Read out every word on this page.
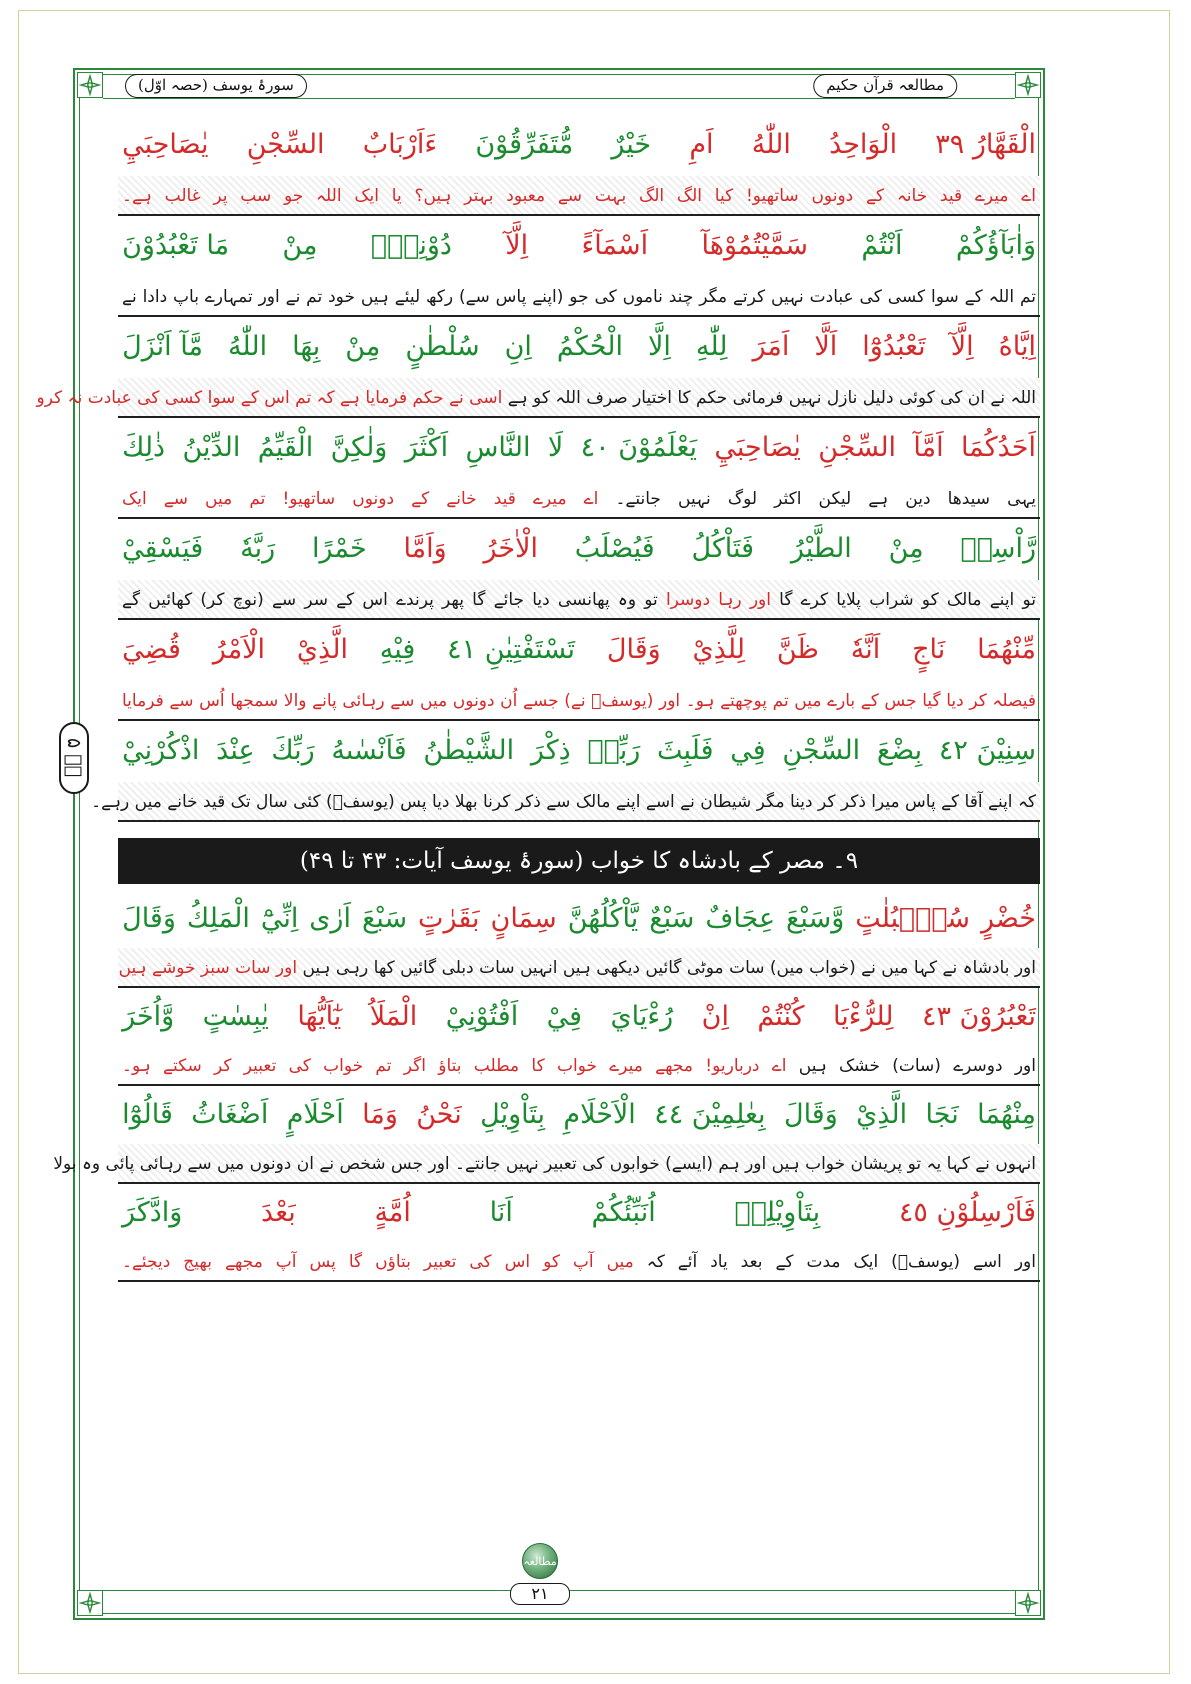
مطالعہ قرآن حکیم
سورۂ یوسف (حصہ اوّل)
يٰصَاحِبَيِ السِّجْنِ ءَاَرْبَابٌ مُّتَفَرِّقُوْنَ خَيْرٌ اَمِ اللّٰهُ الْوَاحِدُ الْقَهَّارُ ٣٩
اے میرے قید خانہ کے دونوں ساتھیو! کیا الگ الگ بہت سے معبود بہتر ہیں؟ یا ایک اللہ جو سب پر غالب ہے۔
مَا تَعْبُدُوْنَ مِنْ دُوْنِهٖٓ اِلَّآ اَسْمَآءً سَمَّيْتُمُوْهَآ اَنْتُمْ وَاٰبَآؤُكُمْ
تم اللہ کے سوا کسی کی عبادت نہیں کرتے مگر چند ناموں کی جو (اپنے پاس سے) رکھ لیئے ہیں خود تم نے اور تمہارے باپ دادا نے
مَّآ اَنْزَلَ اللّٰهُ بِهَا مِنْ سُلْطٰنٍ اِنِ الْحُكْمُ اِلَّا لِلّٰهِ اَمَرَ اَلَّا تَعْبُدُوْٓا اِلَّآ اِيَّاهُ
اللہ نے ان کی کوئی دلیل نازل نہیں فرمائی حکم کا اختیار صرف اللہ کو ہے اسی نے حکم فرمایا ہے کہ تم اس کے سوا کسی کی عبادت نہ کرو
ذٰلِكَ الدِّيْنُ الْقَيِّمُ وَلٰكِنَّ اَكْثَرَ النَّاسِ لَا يَعْلَمُوْنَ ٤٠ يٰصَاحِبَيِ السِّجْنِ اَمَّآ اَحَدُكُمَا
یہی سیدھا دین ہے لیکن اکثر لوگ نہیں جانتے۔ اے میرے قید خانے کے دونوں ساتھیو! تم میں سے ایک
فَيَسْقِيْ رَبَّهٗ خَمْرًا وَاَمَّا الْاٰخَرُ فَيُصْلَبُ فَتَاْكُلُ الطَّيْرُ مِنْ رَّاْسِهٖ
تو اپنے مالک کو شراب پلایا کرے گا اور رہا دوسرا تو وہ پھانسی دیا جائے گا پھر پرندے اس کے سر سے (نوچ کر) کھائیں گے
قُضِيَ الْاَمْرُ الَّذِيْ فِيْهِ تَسْتَفْتِيٰنِ ٤١ وَقَالَ لِلَّذِيْ ظَنَّ اَنَّهٗ نَاجٍ مِّنْهُمَا
فیصلہ کر دیا گیا جس کے بارے میں تم پوچھتے ہو۔ اور (یوسفؑ نے) جسے اُن دونوں میں سے رہائی پانے والا سمجھا اُس سے فرمایا
اذْكُرْنِيْ عِنْدَ رَبِّكَ فَاَنْسٰىهُ الشَّيْطٰنُ ذِكْرَ رَبِّهٖ فَلَبِثَ فِي السِّجْنِ بِضْعَ سِنِيْنَ ٤٢
کہ اپنے آقا کے پاس میرا ذکر کر دینا مگر شیطان نے اسے اپنے مالک سے ذکر کرنا بھلا دیا پس (یوسفؑ) کئی سال تک قید خانے میں رہے۔
۹۔ مصر کے بادشاہ کا خواب (سورۂ یوسف آیات: ۴۳ تا ۴۹)
وَقَالَ الْمَلِكُ اِنِّيْٓ اَرٰى سَبْعَ بَقَرٰتٍ سِمَانٍ يَّاْكُلُهُنَّ سَبْعٌ عِجَافٌ وَّسَبْعَ سُنْۢبُلٰتٍ خُضْرٍ
اور بادشاہ نے کہا میں نے (خواب میں) سات موٹی گائیں دیکھی ہیں انہیں سات دبلی گائیں کھا رہی ہیں اور سات سبز خوشے ہیں
وَّاُخَرَ يٰبِسٰتٍ يٰٓاَيُّهَا الْمَلَاُ اَفْتُوْنِيْ فِيْ رُءْيَايَ اِنْ كُنْتُمْ لِلرُّءْيَا تَعْبُرُوْنَ ٤٣
اور دوسرے (سات) خشک ہیں اے درباریو! مجھے میرے خواب کا مطلب بتاؤ اگر تم خواب کی تعبیر کر سکتے ہو۔
قَالُوْٓا اَضْغَاثُ اَحْلَامٍ وَمَا نَحْنُ بِتَاْوِيْلِ الْاَحْلَامِ بِعٰلِمِيْنَ ٤٤ وَقَالَ الَّذِيْ نَجَا مِنْهُمَا
انہوں نے کہا یہ تو پریشان خواب ہیں اور ہم (ایسے) خوابوں کی تعبیر نہیں جانتے۔ اور جس شخص نے ان دونوں میں سے رہائی پائی وہ بولا
وَادَّكَرَ	بَعْدَ	اُمَّةٍ	اَنَا	اُنَبِّئُكُمْ	بِتَاْوِيْلِهٖ	فَاَرْسِلُوْنِ ٤٥
اور اسے (یوسفؑ) ایک مدت کے بعد یاد آئے کہ میں آپ کو اس کی تعبیر بتاؤں گا پس آپ مجھے بھیج دیجئے۔
عٖ ۵
مطالعہ
۲۱
